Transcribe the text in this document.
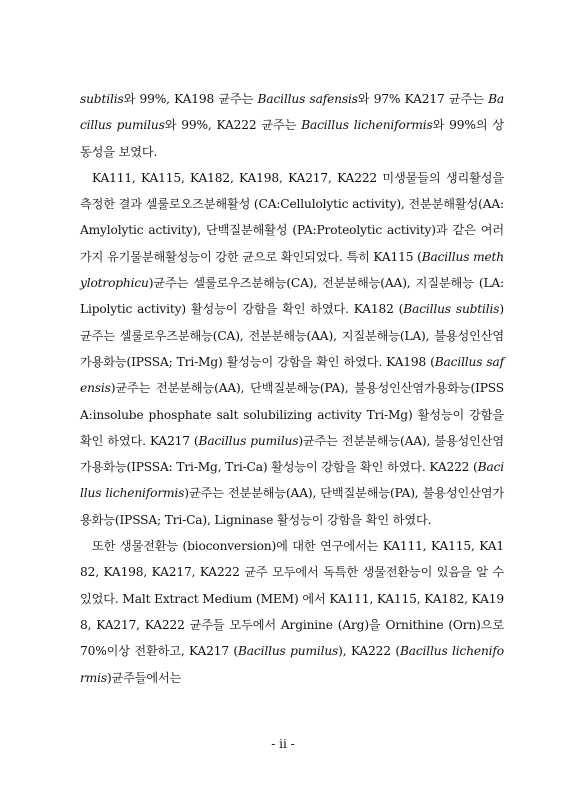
subtilis와 99%, KA198 균주는 Bacillus safensis와 97% KA217 균주는 Bacillus pumilus와 99%, KA222 균주는 Bacillus licheniformis와 99%의 상동성을 보였다.

KA111, KA115, KA182, KA198, KA217, KA222 미생물들의 생리활성을 측정한 결과 셀룰로오즈분해활성 (CA:Cellulolytic activity), 전분분해활성(AA:Amylolytic activity), 단백질분해활성 (PA:Proteolytic activity)과 같은 여러 가지 유기물분해활성능이 강한 균으로 확인되었다. 특히 KA115 (Bacillus methylotrophicu)균주는 셀룰로우즈분해능(CA), 전분분해능(AA), 지질분해능 (LA:Lipolytic activity) 활성능이 강함을 확인 하였다. KA182 (Bacillus subtilis)균주는 셀룰로우즈분해능(CA), 전분분해능(AA), 지질분해능(LA), 불용성인산염가용화능(IPSSA; Tri-Mg) 활성능이 강함을 확인 하였다. KA198 (Bacillus safensis)균주는 전분분해능(AA), 단백질분해능(PA), 불용성인산염가용화능(IPSSA:insolube phosphate salt solubilizing activity Tri-Mg) 활성능이 강함을 확인 하였다. KA217 (Bacillus pumilus)균주는 전분분해능(AA), 불용성인산염가용화능(IPSSA: Tri-Mg, Tri-Ca) 활성능이 강함을 확인 하였다. KA222 (Bacillus licheniformis)균주는 전분분해능(AA), 단백질분해능(PA), 불용성인산염가용화능(IPSSA; Tri-Ca), Ligninase 활성능이 강함을 확인 하였다.

또한 생물전환능 (bioconversion)에 대한 연구에서는 KA111, KA115, KA182, KA198, KA217, KA222 균주 모두에서 독특한 생물전환능이 있음을 알 수 있었다. Malt Extract Medium (MEM) 에서 KA111, KA115, KA182, KA198, KA217, KA222 균주들 모두에서 Arginine (Arg)을 Ornithine (Orn)으로 70%이상 전환하고, KA217 (Bacillus pumilus), KA222 (Bacillus licheniformis)균주들에서는

- ii -
